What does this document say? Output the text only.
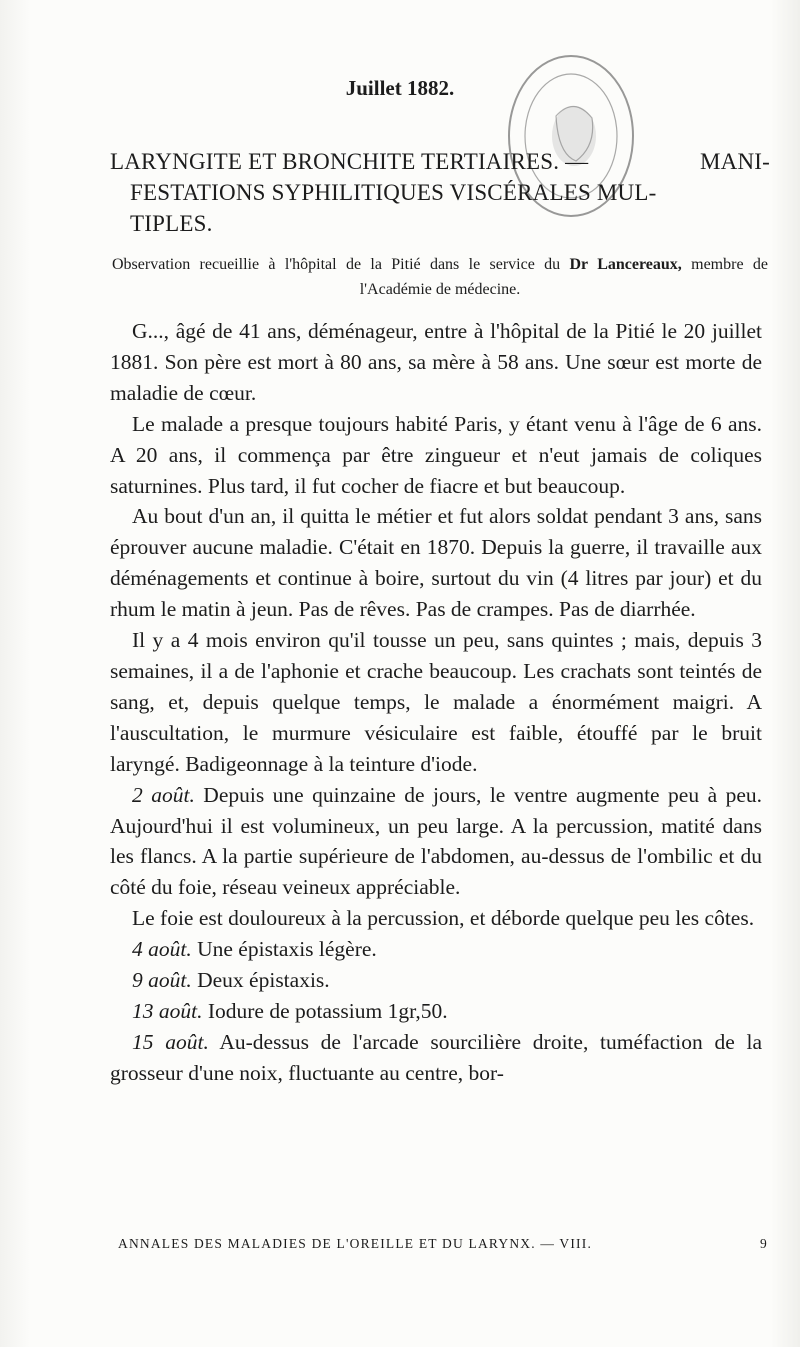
Juillet 1882.
LARYNGITE ET BRONCHITE TERTIAIRES. —	MANI-
FESTATIONS SYPHILITIQUES VISCÉRALES MUL-
TIPLES.
Observation recueillie à l'hôpital de la Pitié dans le service du Dr Lancereaux, membre de l'Académie de médecine.

G..., âgé de 41 ans, déménageur, entre à l'hôpital de la Pitié le 20 juillet 1881. Son père est mort à 80 ans, sa mère à 58 ans. Une sœur est morte de maladie de cœur.

Le malade a presque toujours habité Paris, y étant venu à l'âge de 6 ans. A 20 ans, il commença par être zingueur et n'eut jamais de coliques saturnines. Plus tard, il fut cocher de fiacre et but beaucoup.

Au bout d'un an, il quitta le métier et fut alors soldat pendant 3 ans, sans éprouver aucune maladie. C'était en 1870. Depuis la guerre, il travaille aux déménagements et continue à boire, surtout du vin (4 litres par jour) et du rhum le matin à jeun. Pas de rêves. Pas de crampes. Pas de diarrhée.

Il y a 4 mois environ qu'il tousse un peu, sans quintes ; mais, depuis 3 semaines, il a de l'aphonie et crache beaucoup. Les crachats sont teintés de sang, et, depuis quelque temps, le malade a énormément maigri. A l'auscultation, le murmure vésiculaire est faible, étouffé par le bruit laryngé. Badigeonnage à la teinture d'iode.

2 août. Depuis une quinzaine de jours, le ventre augmente peu à peu. Aujourd'hui il est volumineux, un peu large. A la percussion, matité dans les flancs. A la partie supérieure de l'abdomen, au-dessus de l'ombilic et du côté du foie, réseau veineux appréciable.

Le foie est douloureux à la percussion, et déborde quelque peu les côtes.

4 août. Une épistaxis légère.

9 août. Deux épistaxis.

13 août. Iodure de potassium 1gr,50.

15 août. Au-dessus de l'arcade sourcilière droite, tuméfaction de la grosseur d'une noix, fluctuante au centre, bor-

ANNALES DES MALADIES DE L'OREILLE ET DU LARYNX. — VIII.	9
